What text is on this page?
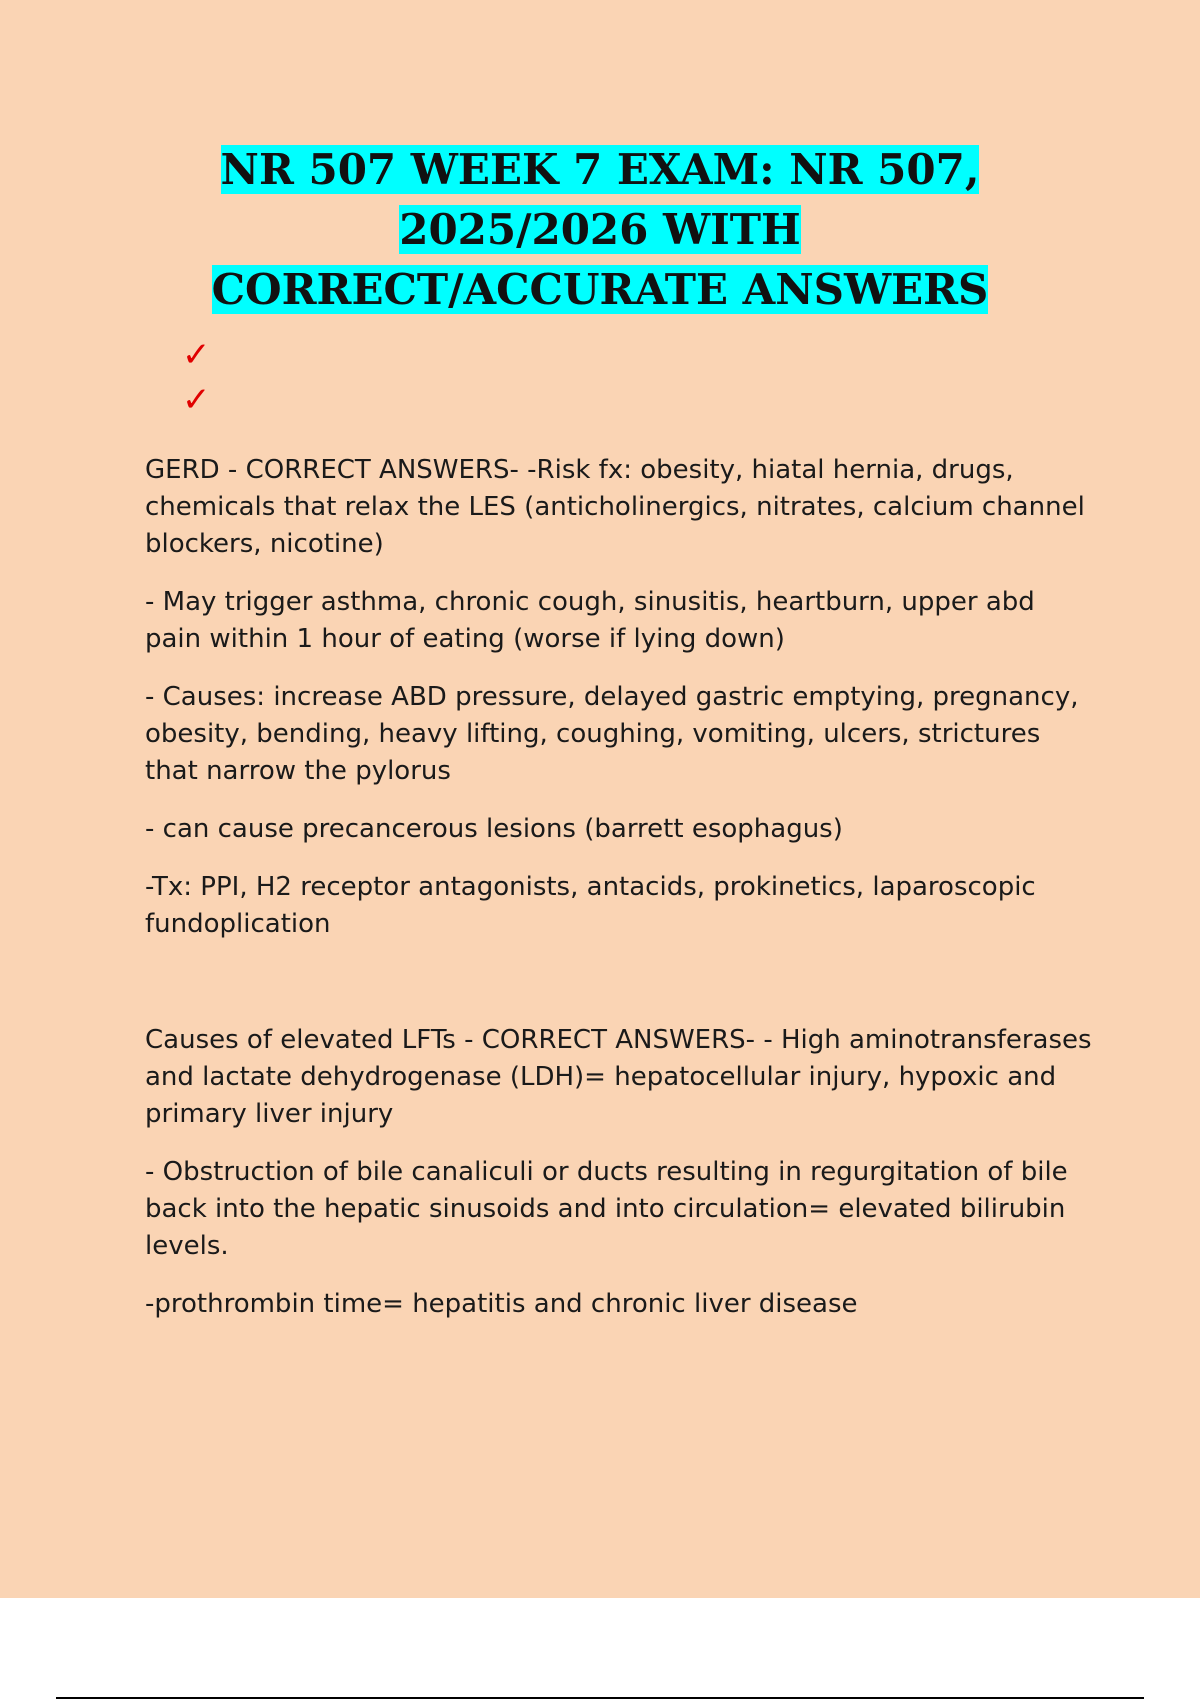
NR 507 WEEK 7 EXAM: NR 507,
2025/2026 WITH
CORRECT/ACCURATE ANSWERS
✓
✓

GERD - CORRECT ANSWERS- -Risk fx: obesity, hiatal hernia, drugs, chemicals that relax the LES (anticholinergics, nitrates, calcium channel blockers, nicotine)

- May trigger asthma, chronic cough, sinusitis, heartburn, upper abd pain within 1 hour of eating (worse if lying down)

- Causes: increase ABD pressure, delayed gastric emptying, pregnancy, obesity, bending, heavy lifting, coughing, vomiting, ulcers, strictures that narrow the pylorus

- can cause precancerous lesions (barrett esophagus)

-Tx: PPI, H2 receptor antagonists, antacids, prokinetics, laparoscopic fundoplication

Causes of elevated LFTs - CORRECT ANSWERS- - High aminotransferases and lactate dehydrogenase (LDH)= hepatocellular injury, hypoxic and primary liver injury

- Obstruction of bile canaliculi or ducts resulting in regurgitation of bile back into the hepatic sinusoids and into circulation= elevated bilirubin levels.

-prothrombin time= hepatitis and chronic liver disease
